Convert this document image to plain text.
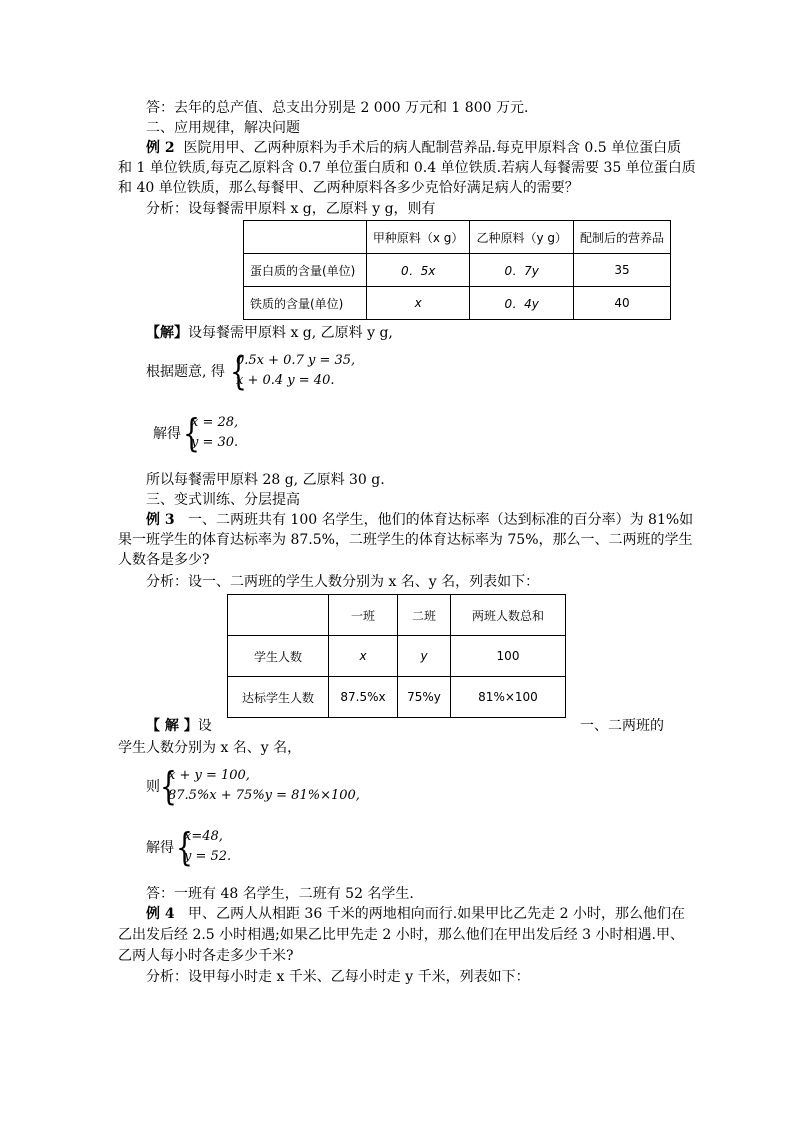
答：去年的总产值、总支出分别是 2 000 万元和 1 800 万元.
二、应用规律，解决问题
例 2 医院用甲、乙两种原料为手术后的病人配制营养品.每克甲原料含 0.5 单位蛋白质
和 1 单位铁质,每克乙原料含 0.7 单位蛋白质和 0.4 单位铁质.若病人每餐需要 35 单位蛋白质
和 40 单位铁质，那么每餐甲、乙两种原料各多少克恰好满足病人的需要？
分析：设每餐需甲原料 x g，乙原料 y g，则有
	甲种原料（x g）	乙种原料（y g）	配制后的营养品
蛋白质的含量(单位)	0．5x	0．7y	35
铁质的含量(单位)	x	0．4y	40
【解】设每餐需甲原料 x g, 乙原料 y g,
根据题意, 得 {
0.5x + 0.7 y = 35,
x + 0.4 y = 40.
解得 {
x = 28,
y = 30.
所以每餐需甲原料 28 g, 乙原料 30 g.
三、变式训练、分层提高
例 3 一、二两班共有 100 名学生，他们的体育达标率（达到标准的百分率）为 81%如
果一班学生的体育达标率为 87.5%，二班学生的体育达标率为 75%，那么一、二两班的学生
人数各是多少?
分析：设一、二两班的学生人数分别为 x 名、y 名，列表如下：
	一班	二班	两班人数总和
学生人数	x	y	100
达标学生人数	87.5%x	75%y	81%×100
【 解 】设	一、二两班的
学生人数分别为 x 名、y 名，
则 {
x + y = 100,
87.5%x + 75%y = 81%×100,
解得 {
x=48,
y = 52.
答：一班有 48 名学生，二班有 52 名学生.
例 4 甲、乙两人从相距 36 千米的两地相向而行.如果甲比乙先走 2 小时，那么他们在
乙出发后经 2.5 小时相遇;如果乙比甲先走 2 小时，那么他们在甲出发后经 3 小时相遇.甲、
乙两人每小时各走多少千米?
分析：设甲每小时走 x 千米、乙每小时走 y 千米，列表如下：
